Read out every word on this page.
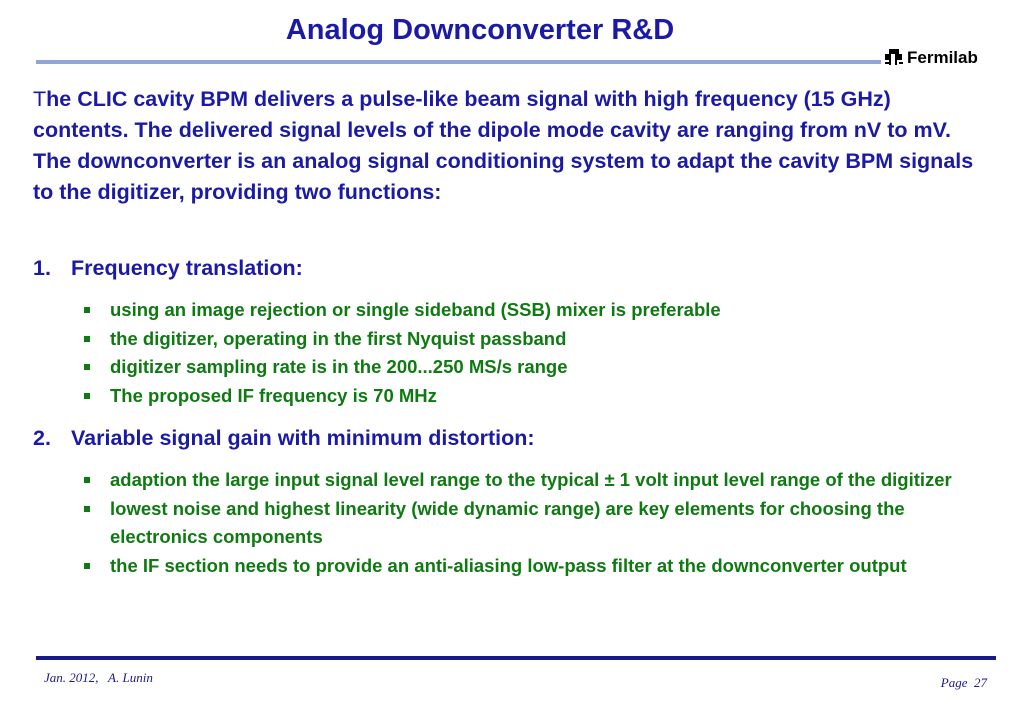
Analog Downconverter R&D
Fermilab

The CLIC cavity BPM delivers a pulse-like beam signal with high frequency (15 GHz) contents. The delivered signal levels of the dipole mode cavity are ranging from nV to mV. The downconverter is an analog signal conditioning system to adapt the cavity BPM signals to the digitizer, providing two functions:

1. Frequency translation:
using an image rejection or single sideband (SSB) mixer is preferable
the digitizer, operating in the first Nyquist passband
digitizer sampling rate is in the 200...250 MS/s range
The proposed IF frequency is 70 MHz
2. Variable signal gain with minimum distortion:
adaption the large input signal level range to the typical ± 1 volt input level range of the digitizer
lowest noise and highest linearity (wide dynamic range) are key elements for choosing the electronics components
the IF section needs to provide an anti-aliasing low-pass filter at the downconverter output
Jan. 2012,   A. Lunin	Page  27
